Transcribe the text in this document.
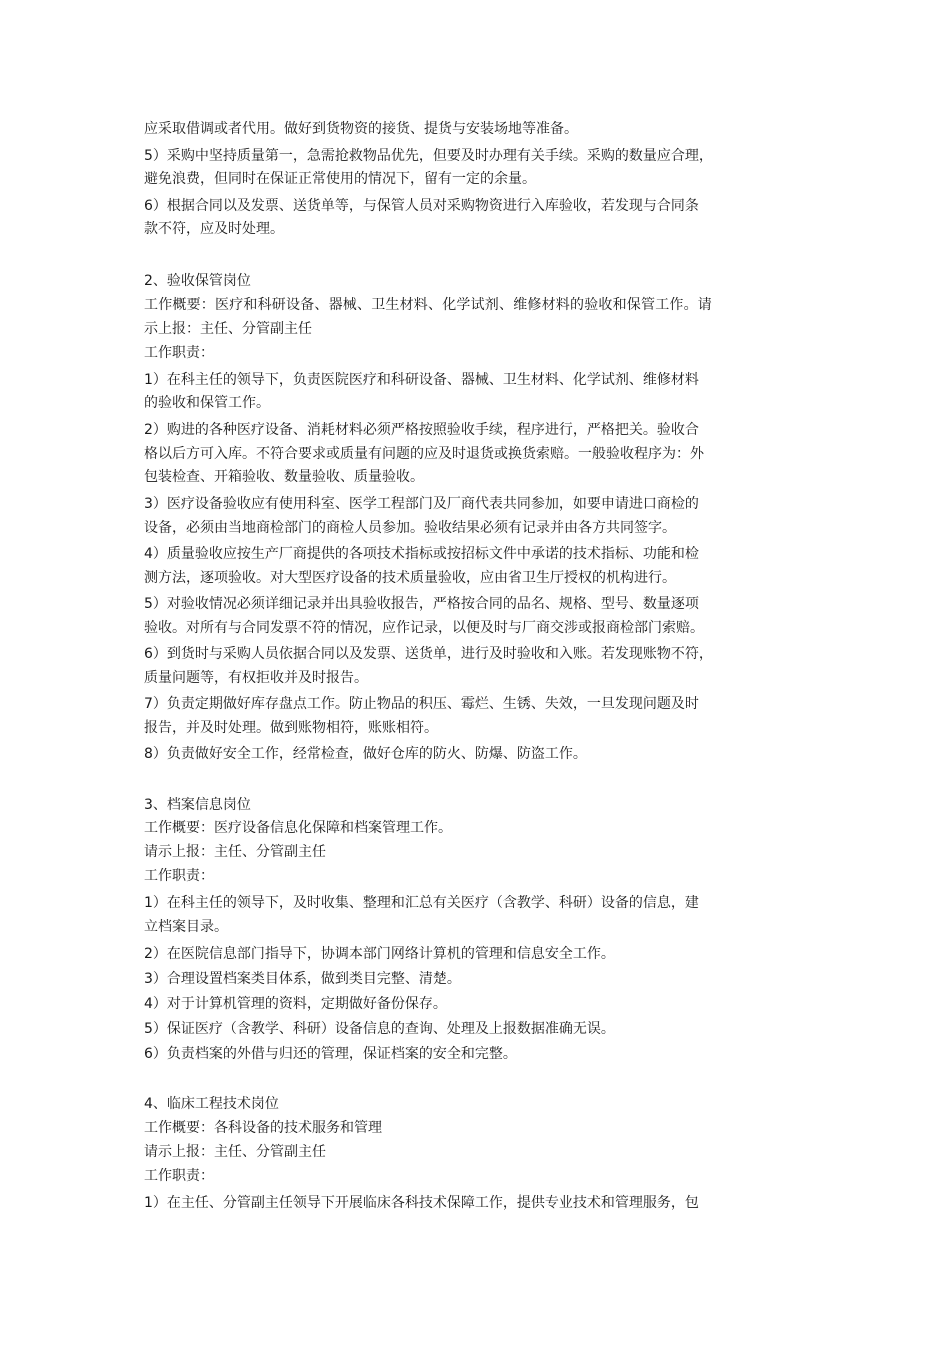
应采取借调或者代用。做好到货物资的接货、提货与安装场地等准备。
5）采购中坚持质量第一，急需抢救物品优先，但要及时办理有关手续。采购的数量应合理，
避免浪费，但同时在保证正常使用的情况下，留有一定的余量。
6）根据合同以及发票、送货单等，与保管人员对采购物资进行入库验收，若发现与合同条
款不符，应及时处理。
2、验收保管岗位
工作概要：医疗和科研设备、器械、卫生材料、化学试剂、维修材料的验收和保管工作。请
示上报：主任、分管副主任
工作职责：
1）在科主任的领导下，负责医院医疗和科研设备、器械、卫生材料、化学试剂、维修材料
的验收和保管工作。
2）购进的各种医疗设备、消耗材料必须严格按照验收手续，程序进行，严格把关。验收合
格以后方可入库。不符合要求或质量有问题的应及时退货或换货索赔。一般验收程序为：外
包装检查、开箱验收、数量验收、质量验收。
3）医疗设备验收应有使用科室、医学工程部门及厂商代表共同参加，如要申请进口商检的
设备，必须由当地商检部门的商检人员参加。验收结果必须有记录并由各方共同签字。
4）质量验收应按生产厂商提供的各项技术指标或按招标文件中承诺的技术指标、功能和检
测方法，逐项验收。对大型医疗设备的技术质量验收，应由省卫生厅授权的机构进行。
5）对验收情况必须详细记录并出具验收报告，严格按合同的品名、规格、型号、数量逐项
验收。对所有与合同发票不符的情况，应作记录，以便及时与厂商交涉或报商检部门索赔。
6）到货时与采购人员依据合同以及发票、送货单，进行及时验收和入账。若发现账物不符，
质量问题等，有权拒收并及时报告。
7）负责定期做好库存盘点工作。防止物品的积压、霉烂、生锈、失效，一旦发现问题及时
报告，并及时处理。做到账物相符，账账相符。
8）负责做好安全工作，经常检查，做好仓库的防火、防爆、防盗工作。
3、档案信息岗位
工作概要：医疗设备信息化保障和档案管理工作。
请示上报：主任、分管副主任
工作职责：
1）在科主任的领导下，及时收集、整理和汇总有关医疗（含教学、科研）设备的信息，建
立档案目录。
2）在医院信息部门指导下，协调本部门网络计算机的管理和信息安全工作。
3）合理设置档案类目体系，做到类目完整、清楚。
4）对于计算机管理的资料，定期做好备份保存。
5）保证医疗（含教学、科研）设备信息的查询、处理及上报数据准确无误。
6）负责档案的外借与归还的管理，保证档案的安全和完整。
4、临床工程技术岗位
工作概要：各科设备的技术服务和管理
请示上报：主任、分管副主任
工作职责：
1）在主任、分管副主任领导下开展临床各科技术保障工作，提供专业技术和管理服务，包
